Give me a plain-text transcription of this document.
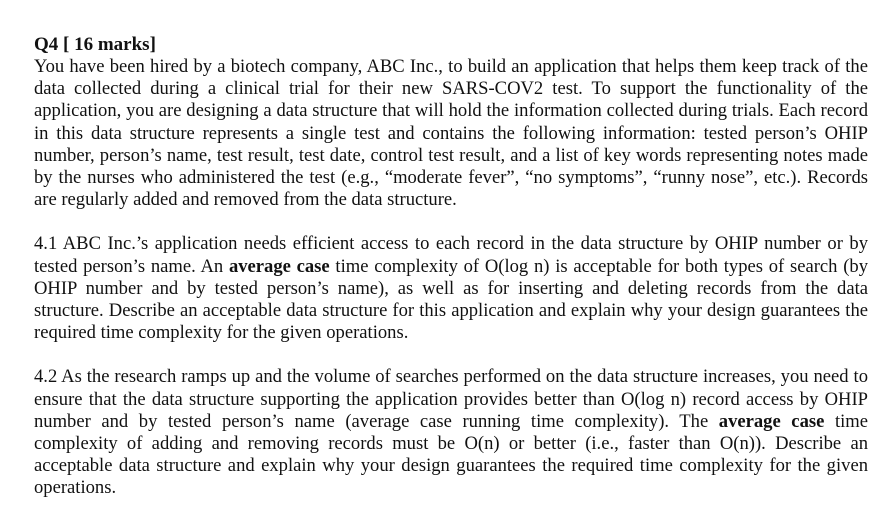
Q4 [ 16 marks]

You have been hired by a biotech company, ABC Inc., to build an application that helps them keep track of the data collected during a clinical trial for their new SARS-COV2 test. To support the functionality of the application, you are designing a data structure that will hold the information collected during trials. Each record in this data structure represents a single test and contains the following information: tested person’s OHIP number, person’s name, test result, test date, control test result, and a list of key words representing notes made by the nurses who administered the test (e.g., “moderate fever”, “no symptoms”, “runny nose”, etc.). Records are regularly added and removed from the data structure.

4.1 ABC Inc.’s application needs efficient access to each record in the data structure by OHIP number or by tested person’s name. An average case time complexity of O(log n) is acceptable for both types of search (by OHIP number and by tested person’s name), as well as for inserting and deleting records from the data structure. Describe an acceptable data structure for this application and explain why your design guarantees the required time complexity for the given operations.

4.2 As the research ramps up and the volume of searches performed on the data structure increases, you need to ensure that the data structure supporting the application provides better than O(log n) record access by OHIP number and by tested person’s name (average case running time complexity). The average case time complexity of adding and removing records must be O(n) or better (i.e., faster than O(n)). Describe an acceptable data structure and explain why your design guarantees the required time complexity for the given operations.
